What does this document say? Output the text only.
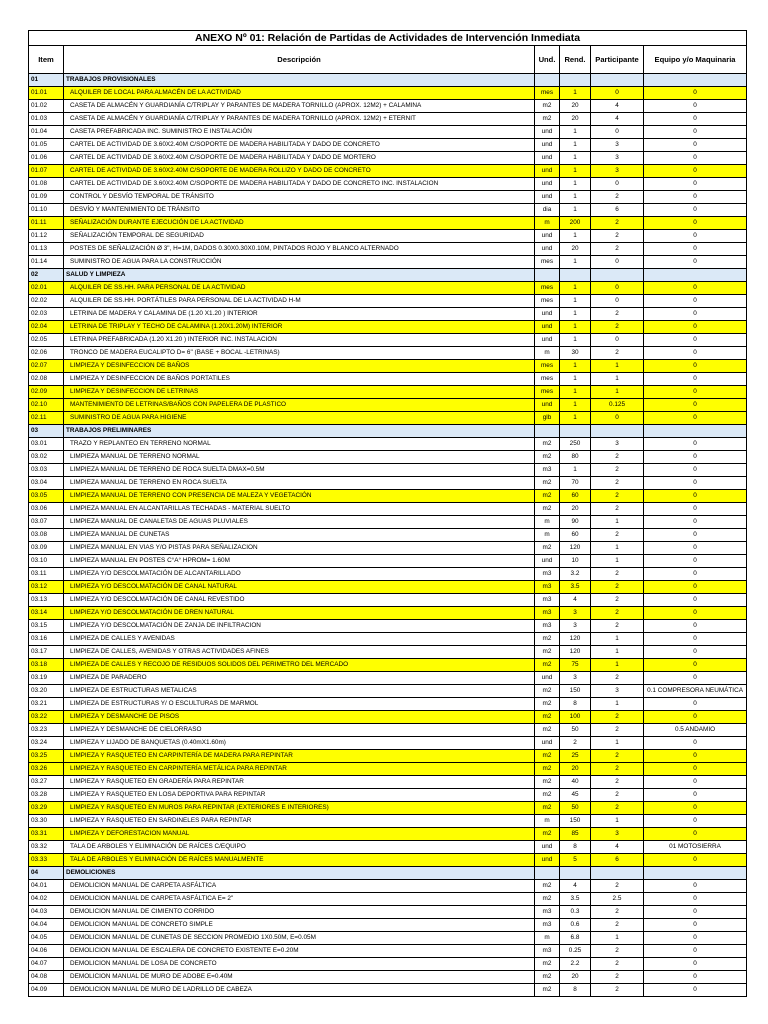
ANEXO Nº 01: Relación de Partidas de Actividades de Intervención Inmediata					
Item	Descripción	Und.	Rend.	Participante	Equipo y/o Maquinaria
01	TRABAJOS PROVISIONALES				
01.01	ALQUILER DE LOCAL PARA ALMACÉN DE LA ACTIVIDAD	mes	1	0	0
01.02	CASETA DE ALMACÉN Y GUARDIANÍA C/TRIPLAY Y PARANTES DE MADERA TORNILLO (APROX. 12M2) + CALAMINA	m2	20	4	0
01.03	CASETA DE ALMACÉN Y GUARDIANÍA C/TRIPLAY Y PARANTES DE MADERA TORNILLO (APROX. 12M2) + ETERNIT	m2	20	4	0
01.04	CASETA PREFABRICADA INC. SUMINISTRO E INSTALACIÓN	und	1	0	0
01.05	CARTEL DE ACTIVIDAD DE 3.60X2.40M C/SOPORTE DE MADERA HABILITADA Y DADO DE CONCRETO	und	1	3	0
01.06	CARTEL DE ACTIVIDAD DE 3.60X2.40M C/SOPORTE DE MADERA HABILITADA Y DADO DE MORTERO	und	1	3	0
01.07	CARTEL DE ACTIVIDAD DE 3.60X2.40M C/SOPORTE DE MADERA ROLLIZO Y DADO DE CONCRETO	und	1	3	0
01.08	CARTEL DE ACTIVIDAD DE 3.60X2.40M C/SOPORTE DE MADERA HABILITADA Y DADO DE CONCRETO INC. INSTALACION	und	1	0	0
01.09	CONTROL Y DESVÍO TEMPORAL DE TRÁNSITO	und	1	2	0
01.10	DESVÍO Y MANTENIMIENTO DE TRÁNSITO	dia	1	6	0
01.11	SEÑALIZACIÓN DURANTE EJECUCIÓN DE LA ACTIVIDAD	m	200	2	0
01.12	SEÑALIZACIÓN TEMPORAL DE SEGURIDAD	und	1	2	0
01.13	POSTES DE SEÑALIZACIÓN Ø 3", H=1M, DADOS 0.30X0.30X0.10M, PINTADOS ROJO Y BLANCO ALTERNADO	und	20	2	0
01.14	SUMINISTRO DE AGUA PARA LA CONSTRUCCIÓN	mes	1	0	0
02	SALUD Y LIMPIEZA				
02.01	ALQUILER DE SS.HH. PARA PERSONAL DE LA ACTIVIDAD	mes	1	0	0
02.02	ALQUILER DE SS.HH. PORTÁTILES PARA PERSONAL DE LA ACTIVIDAD H-M	mes	1	0	0
02.03	LETRINA DE MADERA Y CALAMINA DE (1.20 X1.20 ) INTERIOR	und	1	2	0
02.04	LETRINA DE TRIPLAY Y TECHO DE CALAMINA (1.20X1.20M) INTERIOR	und	1	2	0
02.05	LETRINA PREFABRICADA (1.20 X1.20 ) INTERIOR INC. INSTALACION	und	1	0	0
02.06	TRONCO DE MADERA EUCALIPTO D= 6" (BASE + BOCAL -LETRINAS)	m	30	2	0
02.07	LIMPIEZA Y DESINFECCION DE BAÑOS	mes	1	1	0
02.08	LIMPIEZA Y DESINFECCION DE BAÑOS PORTATILES	mes	1	1	0
02.09	LIMPIEZA Y DESINFECCION DE LETRINAS	mes	1	1	0
02.10	MANTENIMIENTO DE LETRINAS/BAÑOS CON PAPELERA DE PLASTICO	und	1	0.125	0
02.11	SUMINISTRO DE AGUA PARA HIGIENE	glb	1	0	0
03	TRABAJOS PRELIMINARES				
03.01	TRAZO Y REPLANTEO EN TERRENO NORMAL	m2	250	3	0
03.02	LIMPIEZA MANUAL DE TERRENO NORMAL	m2	80	2	0
03.03	LIMPIEZA MANUAL DE TERRENO DE ROCA SUELTA DMAX=0.5M	m3	1	2	0
03.04	LIMPIEZA MANUAL DE TERRENO EN ROCA SUELTA	m2	70	2	0
03.05	LIMPIEZA MANUAL DE TERRENO CON PRESENCIA DE MALEZA Y VEGETACIÓN	m2	60	2	0
03.06	LIMPIEZA MANUAL EN ALCANTARILLAS TECHADAS - MATERIAL SUELTO	m2	20	2	0
03.07	LIMPIEZA MANUAL DE CANALETAS DE AGUAS PLUVIALES	m	90	1	0
03.08	LIMPIEZA MANUAL DE CUNETAS	m	60	2	0
03.09	LIMPIEZA MANUAL EN VIAS Y/O PISTAS PARA SEÑALIZACION	m2	120	1	0
03.10	LIMPIEZA MANUAL EN POSTES C°A° HPROM= 1.60M	und	10	1	0
03.11	LIMPIEZA Y/O DESCOLMATACIÓN DE ALCANTARILLADO	m3	3.2	2	0
03.12	LIMPIEZA Y/O DESCOLMATACIÓN DE CANAL NATURAL	m3	3.5	2	0
03.13	LIMPIEZA Y/O DESCOLMATACIÓN DE CANAL REVESTIDO	m3	4	2	0
03.14	LIMPIEZA Y/O DESCOLMATACIÓN DE DREN NATURAL	m3	3	2	0
03.15	LIMPIEZA Y/O DESCOLMATACIÓN DE ZANJA DE INFILTRACION	m3	3	2	0
03.16	LIMPIEZA DE CALLES Y AVENIDAS	m2	120	1	0
03.17	LIMPIEZA DE CALLES, AVENIDAS Y OTRAS ACTIVIDADES AFINES	m2	120	1	0
03.18	LIMPIEZA DE CALLES Y RECOJO DE RESIDUOS SOLIDOS DEL PERIMETRO DEL MERCADO	m2	75	1	0
03.19	LIMPIEZA DE PARADERO	und	3	2	0
03.20	LIMPIEZA DE ESTRUCTURAS METALICAS	m2	150	3	0.1 COMPRESORA NEUMÁTICA
03.21	LIMPIEZA DE ESTRUCTURAS Y/ O ESCULTURAS DE MARMOL	m2	8	1	0
03.22	LIMPIEZA Y DESMANCHE DE PISOS	m2	100	2	0
03.23	LIMPIEZA Y DESMANCHE DE CIELORRASO	m2	50	2	0.5 ANDAMIO
03.24	LIMPIEZA Y LIJADO DE BANQUETAS (0.40mX1.60m)	und	2	1	0
03.25	LIMPIEZA Y RASQUETEO EN CARPINTERÍA DE MADERA PARA REPINTAR	m2	25	2	0
03.26	LIMPIEZA Y RASQUETEO EN CARPINTERÍA METÁLICA PARA REPINTAR	m2	20	2	0
03.27	LIMPIEZA Y RASQUETEO EN GRADERÍA PARA REPINTAR	m2	40	2	0
03.28	LIMPIEZA Y RASQUETEO EN LOSA DEPORTIVA PARA REPINTAR	m2	45	2	0
03.29	LIMPIEZA Y RASQUETEO EN MUROS PARA REPINTAR (EXTERIORES E INTERIORES)	m2	50	2	0
03.30	LIMPIEZA Y RASQUETEO EN SARDINELES PARA REPINTAR	m	150	1	0
03.31	LIMPIEZA Y DEFORESTACION MANUAL	m2	85	3	0
03.32	TALA DE ARBOLES Y ELIMINACIÓN DE RAÍCES C/EQUIPO	und	8	4	01 MOTOSIERRA
03.33	TALA DE ARBOLES Y ELIMINACIÓN DE RAÍCES MANUALMENTE	und	5	6	0
04	DEMOLICIONES				
04.01	DEMOLICION MANUAL DE CARPETA ASFÁLTICA	m2	4	2	0
04.02	DEMOLICION MANUAL DE CARPETA ASFÁLTICA E= 2"	m2	3.5	2.5	0
04.03	DEMOLICION MANUAL DE CIMIENTO CORRIDO	m3	0.3	2	0
04.04	DEMOLICION MANUAL DE CONCRETO SIMPLE	m3	0.6	2	0
04.05	DEMOLICION MANUAL DE CUNETAS DE SECCION PROMEDIO 1X0.50M, E=0.05M	m	6.8	1	0
04.06	DEMOLICION MANUAL DE ESCALERA DE CONCRETO EXISTENTE E=0.20M	m3	0.25	2	0
04.07	DEMOLICION MANUAL DE LOSA DE CONCRETO	m2	2.2	2	0
04.08	DEMOLICION MANUAL DE MURO DE ADOBE E=0.40M	m2	20	2	0
04.09	DEMOLICION MANUAL DE MURO DE LADRILLO DE CABEZA	m2	8	2	0
